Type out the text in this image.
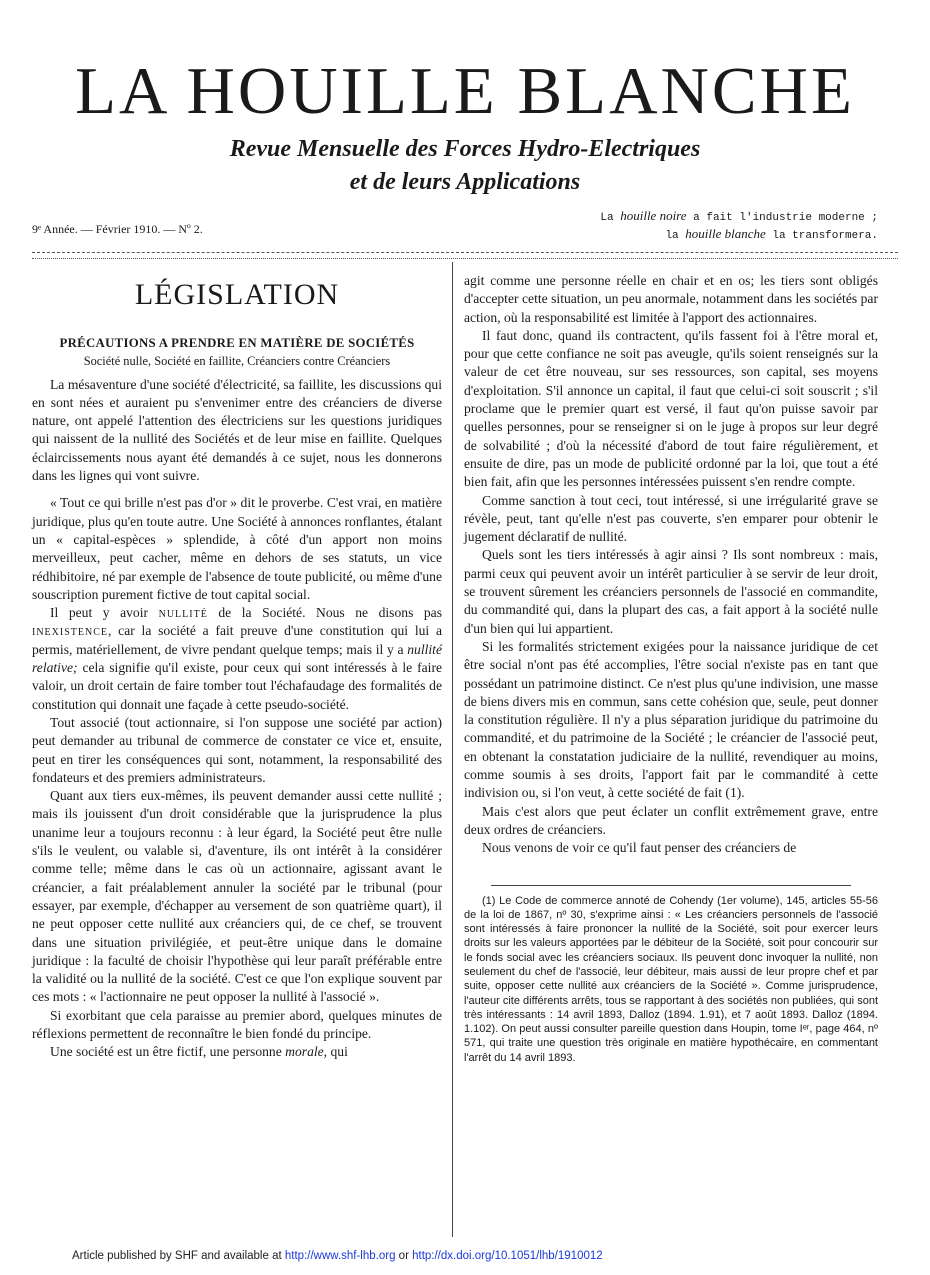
LA HOUILLE BLANCHE
Revue Mensuelle des Forces Hydro-Electriques
et de leurs Applications
9ᵉ Année. — Février 1910. — Nº 2.
La houille noire a fait l'industrie moderne ;
la houille blanche la transformera.
LÉGISLATION
PRÉCAUTIONS A PRENDRE EN MATIÈRE DE SOCIÉTÉS
Société nulle, Société en faillite, Créanciers contre Créanciers

La mésaventure d'une société d'électricité, sa faillite, les discussions qui en sont nées et auraient pu s'envenimer entre des créanciers de diverse nature, ont appelé l'attention des électriciens sur les questions juridiques qui naissent de la nullité des Sociétés et de leur mise en faillite. Quelques éclaircissements nous ayant été demandés à ce sujet, nous les donnerons dans les lignes qui vont suivre.

« Tout ce qui brille n'est pas d'or » dit le proverbe. C'est vrai, en matière juridique, plus qu'en toute autre. Une Société à annonces ronflantes, étalant un « capital-espèces » splendide, à côté d'un apport non moins merveilleux, peut cacher, même en dehors de ses statuts, un vice rédhibitoire, né par exemple de l'absence de toute publicité, ou même d'une souscription purement fictive de tout capital social.

Il peut y avoir nullité de la Société. Nous ne disons pas inexistence, car la société a fait preuve d'une constitution qui lui a permis, matériellement, de vivre pendant quelque temps; mais il y a nullité relative; cela signifie qu'il existe, pour ceux qui sont intéressés à le faire valoir, un droit certain de faire tomber tout l'échafaudage des formalités de constitution qui donnait une façade à cette pseudo-société.

Tout associé (tout actionnaire, si l'on suppose une société par action) peut demander au tribunal de commerce de constater ce vice et, ensuite, peut en tirer les conséquences qui sont, notamment, la responsabilité des fondateurs et des premiers administrateurs.

Quant aux tiers eux-mêmes, ils peuvent demander aussi cette nullité ; mais ils jouissent d'un droit considérable que la jurisprudence la plus unanime leur a toujours reconnu : à leur égard, la Société peut être nulle s'ils le veulent, ou valable si, d'aventure, ils ont intérêt à la considérer comme telle; même dans le cas où un actionnaire, agissant avant le créancier, a fait préalablement annuler la société par le tribunal (pour essayer, par exemple, d'échapper au versement de son quatrième quart), il ne peut opposer cette nullité aux créanciers qui, de ce chef, se trouvent dans une situation privilégiée, et peut-être unique dans le domaine juridique : la faculté de choisir l'hypothèse qui leur paraît préférable entre la validité ou la nullité de la société. C'est ce que l'on explique souvent par ces mots : « l'actionnaire ne peut opposer la nullité à l'associé ».

Si exorbitant que cela paraisse au premier abord, quelques minutes de réflexions permettent de reconnaître le bien fondé du principe.

Une société est un être fictif, une personne morale, qui

agit comme une personne réelle en chair et en os; les tiers sont obligés d'accepter cette situation, un peu anormale, notamment dans les sociétés par action, où la responsabilité est limitée à l'apport des actionnaires.

Il faut donc, quand ils contractent, qu'ils fassent foi à l'être moral et, pour que cette confiance ne soit pas aveugle, qu'ils soient renseignés sur la valeur de cet être nouveau, sur ses ressources, son capital, ses moyens d'exploitation. S'il annonce un capital, il faut que celui-ci soit souscrit ; s'il proclame que le premier quart est versé, il faut qu'on puisse savoir par quelles personnes, pour se renseigner si on le juge à propos sur leur degré de solvabilité ; d'où la nécessité d'abord de tout faire régulièrement, et ensuite de dire, pas un mode de publicité ordonné par la loi, que tout a été bien fait, afin que les personnes intéressées puissent s'en rendre compte.

Comme sanction à tout ceci, tout intéressé, si une irrégularité grave se révèle, peut, tant qu'elle n'est pas couverte, s'en emparer pour obtenir le jugement déclaratif de nullité.

Quels sont les tiers intéressés à agir ainsi ? Ils sont nombreux : mais, parmi ceux qui peuvent avoir un intérêt particulier à se servir de leur droit, se trouvent sûrement les créanciers personnels de l'associé en commandite, du commandité qui, dans la plupart des cas, a fait apport à la société nulle d'un bien qui lui appartient.

Si les formalités strictement exigées pour la naissance juridique de cet être social n'ont pas été accomplies, l'être social n'existe pas en tant que possédant un patrimoine distinct. Ce n'est plus qu'une indivision, une masse de biens divers mis en commun, sans cette cohésion que, seule, peut donner la constitution régulière. Il n'y a plus séparation juridique du patrimoine du commandité, et du patrimoine de la Société ; le créancier de l'associé peut, en obtenant la constatation judiciaire de la nullité, revendiquer au moins, comme soumis à ses droits, l'apport fait par le commandité à cette indivision ou, si l'on veut, à cette société de fait (1).

Mais c'est alors que peut éclater un conflit extrêmement grave, entre deux ordres de créanciers.

Nous venons de voir ce qu'il faut penser des créanciers de

(1) Le Code de commerce annoté de Cohendy (1er volume), 145, articles 55-56 de la loi de 1867, nº 30, s'exprime ainsi : « Les créanciers personnels de l'associé sont intéressés à faire prononcer la nullité de la Société, soit pour exercer leurs droits sur les valeurs apportées par le débiteur de la Société, soit pour concourir sur le fonds social avec les créanciers sociaux. Ils peuvent donc invoquer la nullité, non seulement du chef de l'associé, leur débiteur, mais aussi de leur propre chef et par suite, opposer cette nullité aux créanciers de la Société ». Comme jurisprudence, l'auteur cite différents arrêts, tous se rapportant à des sociétés non publiées, qui sont très intéressants : 14 avril 1893, Dalloz (1894. 1.91), et 7 août 1893. Dalloz (1894. 1.102). On peut aussi consulter pareille question dans Houpin, tome Iᵉʳ, page 464, nº 571, qui traite une question très originale en matière hypothécaire, en commentant l'arrêt du 14 avril 1893.

Article published by SHF and available at http://www.shf-lhb.org or http://dx.doi.org/10.1051/lhb/1910012
